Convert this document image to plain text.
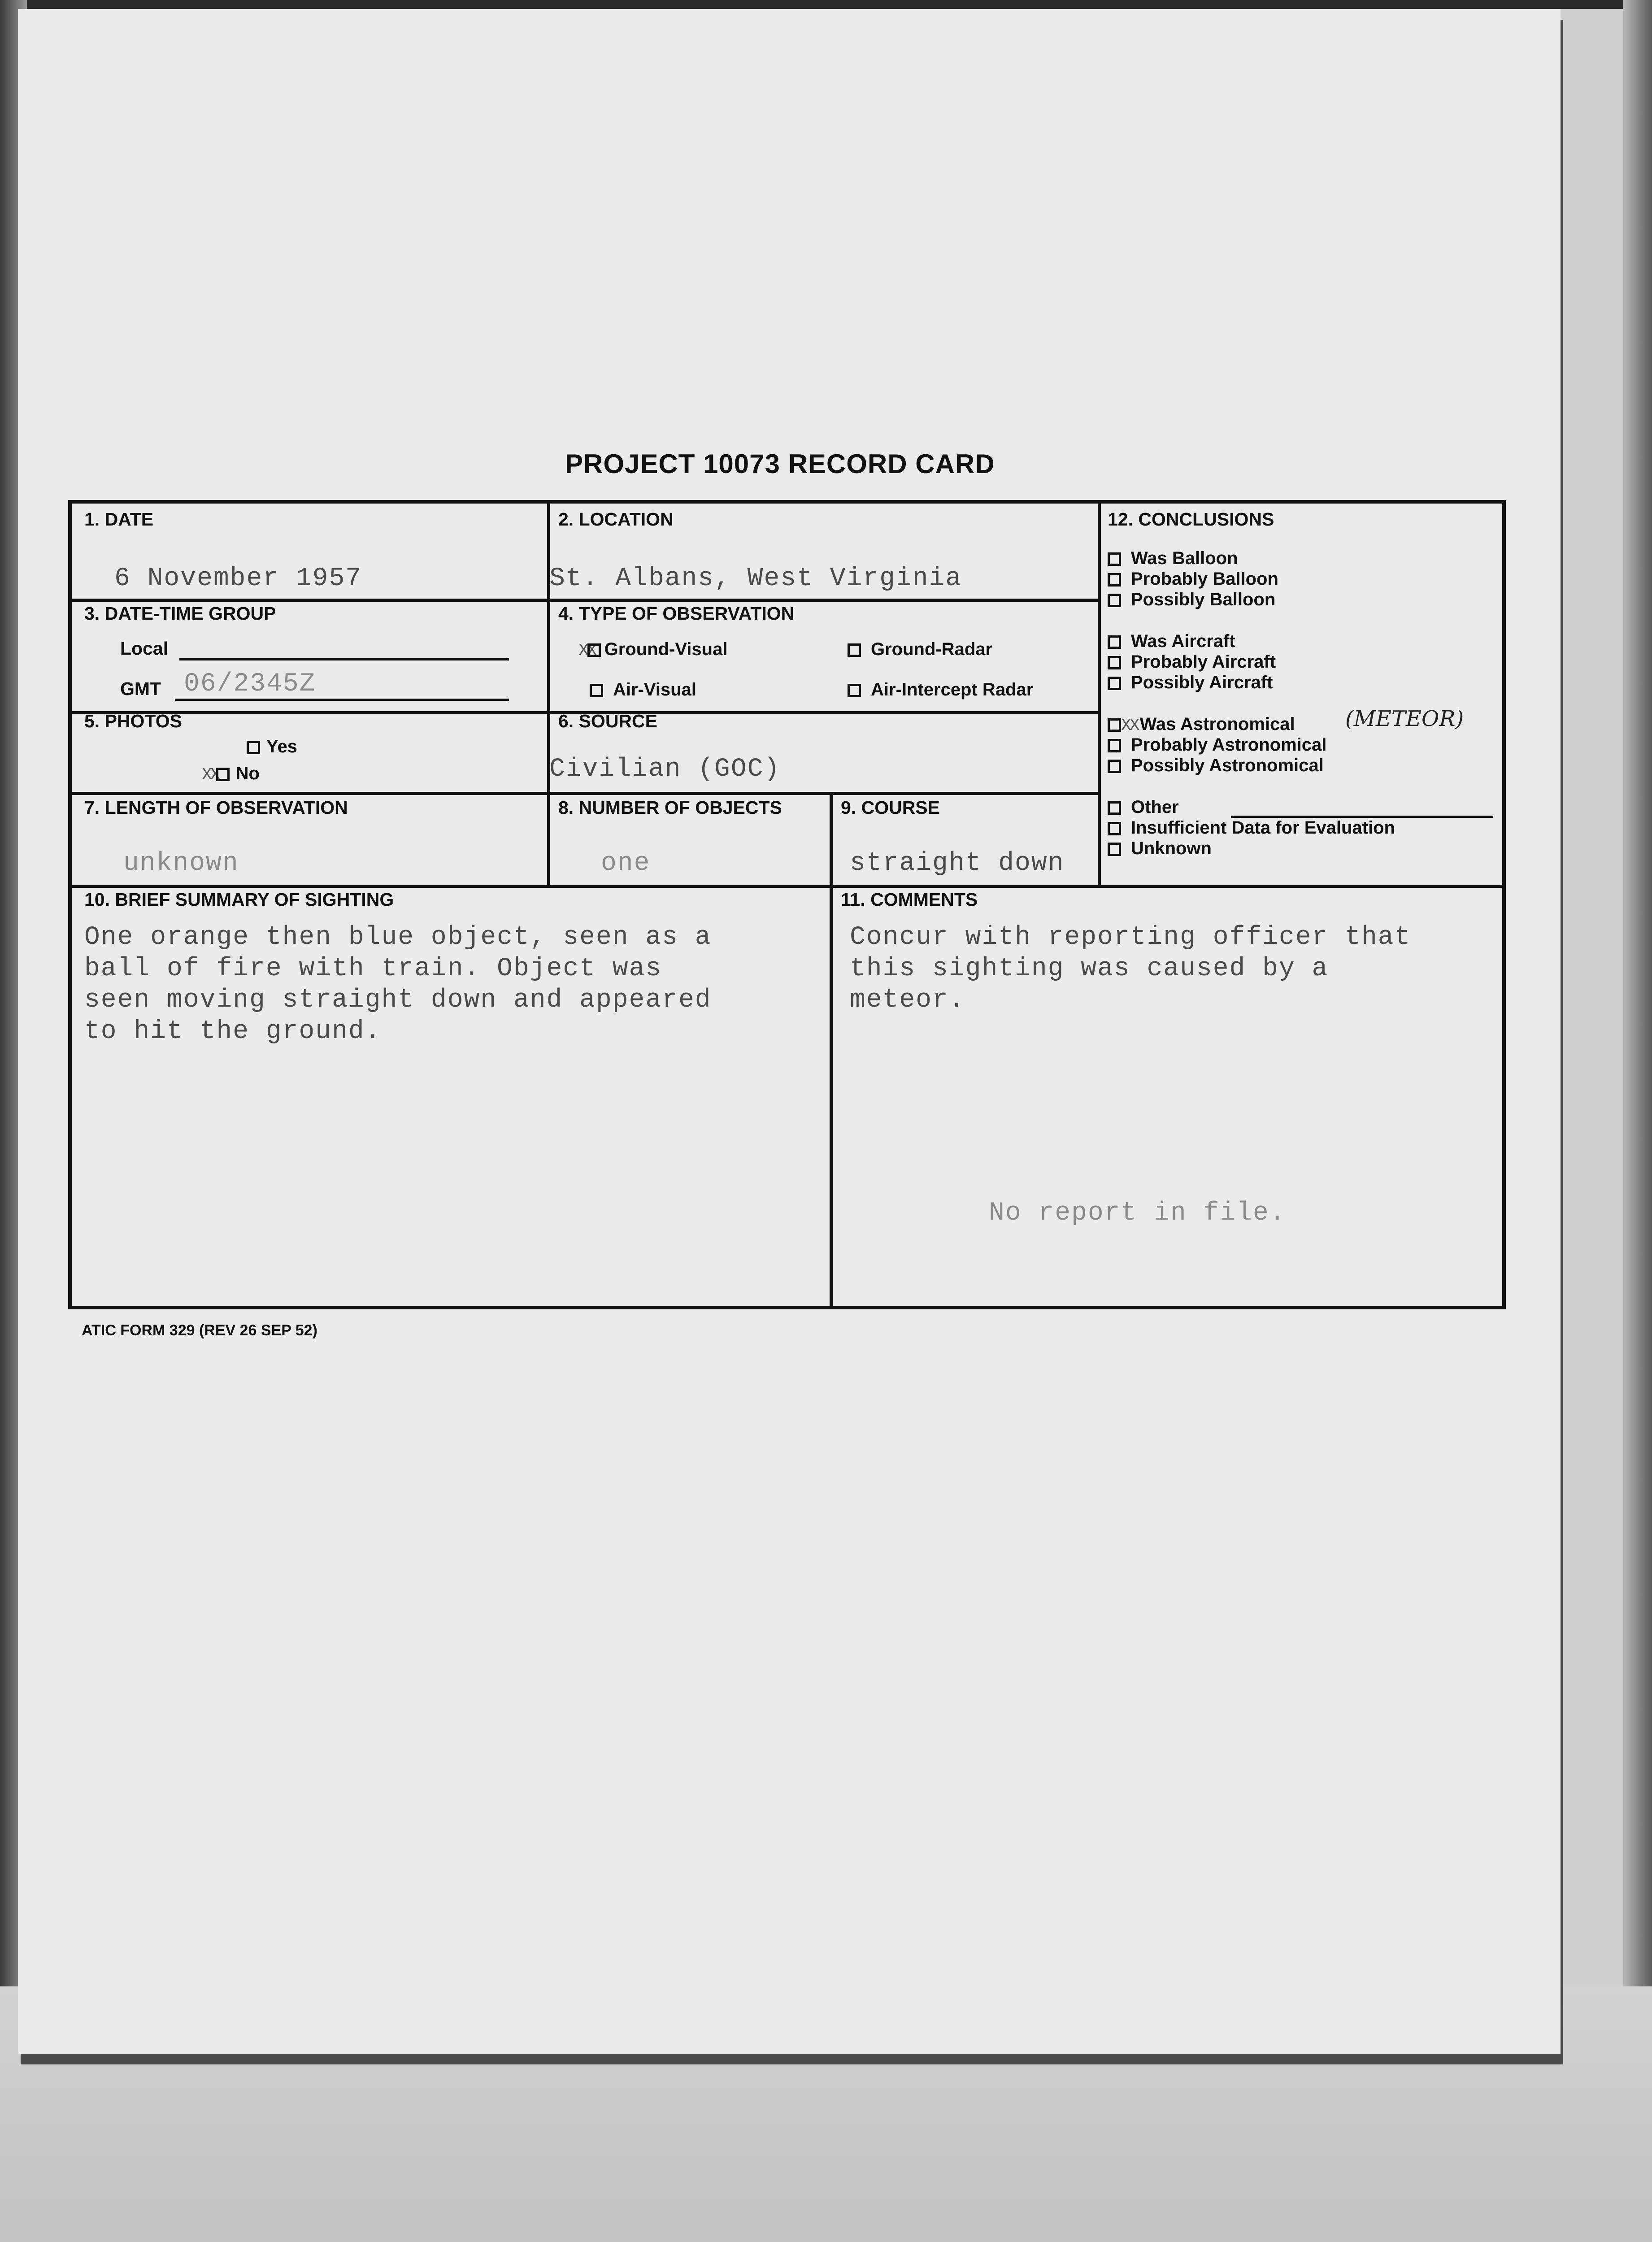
PROJECT 10073 RECORD CARD
1. DATE
6 November 1957
2. LOCATION
St. Albans, West Virginia
3. DATE-TIME GROUP
Local
GMT 06/2345Z
4. TYPE OF OBSERVATION
XX Ground-Visual	Ground-Radar
Air-Visual	Air-Intercept Radar
5. PHOTOS
Yes
XX No
6. SOURCE
Civilian (GOC)
7. LENGTH OF OBSERVATION
unknown
8. NUMBER OF OBJECTS
one
9. COURSE
straight down
12. CONCLUSIONS
Was Balloon
Probably Balloon
Possibly Balloon
Was Aircraft
Probably Aircraft
Possibly Aircraft
XX Was Astronomical (METEOR)
Probably Astronomical
Possibly Astronomical
Other
Insufficient Data for Evaluation
Unknown
10. BRIEF SUMMARY OF SIGHTING
One orange then blue object, seen as a
ball of fire with train. Object was
seen moving straight down and appeared
to hit the ground.
11. COMMENTS
Concur with reporting officer that
this sighting was caused by a
meteor.
No report in file.
ATIC FORM 329 (REV 26 SEP 52)
